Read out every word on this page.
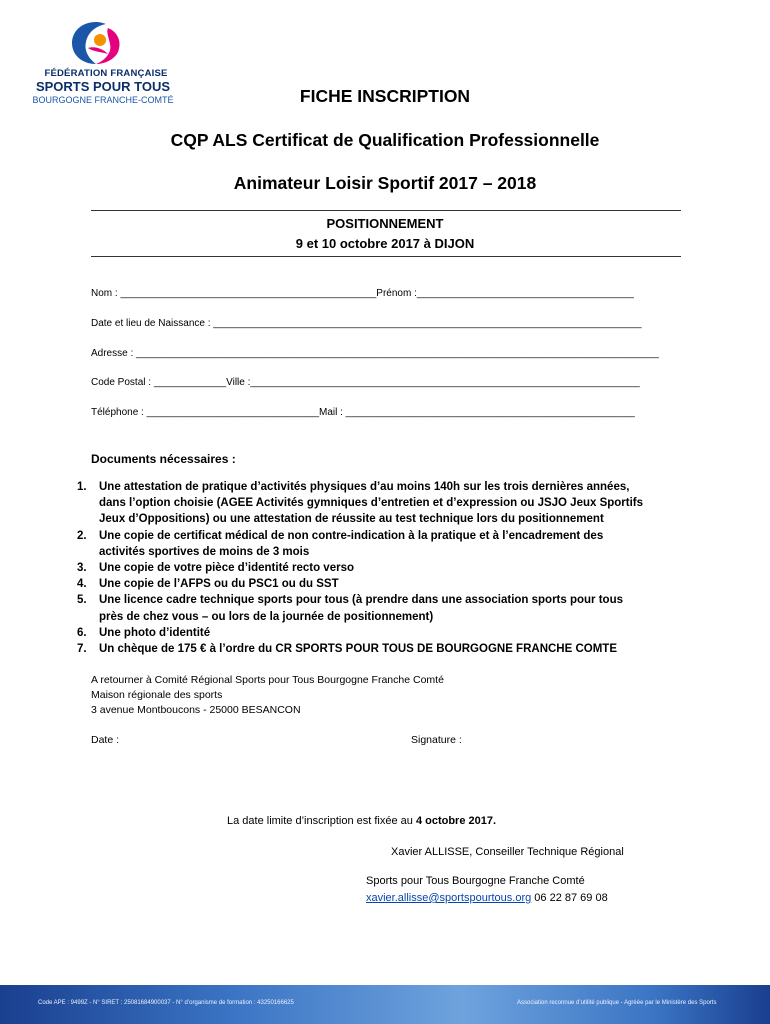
FÉDÉRATION FRANÇAISE
SPORTS POUR TOUS
BOURGOGNE FRANCHE-COMTÉ	FICHE INSCRIPTION
CQP ALS Certificat de Qualification Professionnelle
Animateur Loisir Sportif 2017 – 2018
POSITIONNEMENT
9 et 10 octobre 2017 à DIJON
Nom : ______________________________________________Prénom :_______________________________________
Date et lieu de Naissance : _____________________________________________________________________________
Adresse : ______________________________________________________________________________________________
Code Postal : _____________Ville :______________________________________________________________________
Téléphone : _______________________________Mail : ____________________________________________________
Documents nécessaires :
1. Une attestation de pratique d’activités physiques d’au moins 140h sur les trois dernières années,
dans l’option choisie (AGEE Activités gymniques d’entretien et d’expression ou JSJO Jeux Sportifs
Jeux d’Oppositions) ou une attestation de réussite au test technique lors du positionnement
2. Une copie de certificat médical de non contre-indication à la pratique et à l’encadrement des
activités sportives de moins de 3 mois
3. Une copie de votre pièce d’identité recto verso
4. Une copie de l’AFPS ou du PSC1 ou du SST
5. Une licence cadre technique sports pour tous (à prendre dans une association sports pour tous
près de chez vous – ou lors de la journée de positionnement)
6. Une photo d’identité
7. Un chèque de 175 € à l’ordre du CR SPORTS POUR TOUS DE BOURGOGNE FRANCHE COMTE
A retourner à Comité Régional Sports pour Tous Bourgogne Franche Comté
Maison régionale des sports
3 avenue Montboucons - 25000 BESANCON
Date :	Signature :
La date limite d’inscription est fixée au 4 octobre 2017.
Xavier ALLISSE, Conseiller Technique Régional
Sports pour Tous Bourgogne Franche Comté
xavier.allisse@sportspourtous.org 06 22 87 69 08
Code APE : 9499Z - N° SIRET : 25081684900037 - N° d’organisme de formation : 43250166625	Association reconnue d’utilité publique - Agréée par le Ministère des Sports
